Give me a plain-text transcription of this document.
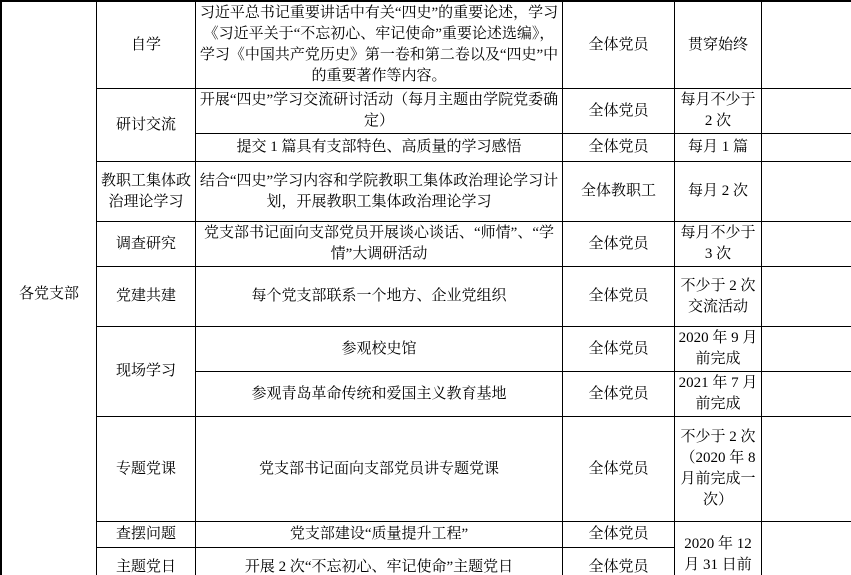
各党支部	自学	习近平总书记重要讲话中有关“四史”的重要论述，学习《习近平关于“不忘初心、牢记使命”重要论述选编》，学习《中国共产党历史》第一卷和第二卷以及“四史”中的重要著作等内容。	全体党员	贯穿始终	
	研讨交流	开展“四史”学习交流研讨活动（每月主题由学院党委确定）	全体党员	每月不少于 2 次	
		提交 1 篇具有支部特色、高质量的学习感悟	全体党员	每月 1 篇	
	教职工集体政治理论学习	结合“四史”学习内容和学院教职工集体政治理论学习计划，开展教职工集体政治理论学习	全体教职工	每月 2 次	
	调查研究	党支部书记面向支部党员开展谈心谈话、“师情”、“学情”大调研活动	全体党员	每月不少于 3 次	
	党建共建	每个党支部联系一个地方、企业党组织	全体党员	不少于 2 次交流活动	
	现场学习	参观校史馆	全体党员	2020 年 9 月前完成	
		参观青岛革命传统和爱国主义教育基地	全体党员	2021 年 7 月前完成	
	专题党课	党支部书记面向支部党员讲专题党课	全体党员	不少于 2 次（2020 年 8 月前完成一次）	
	查摆问题	党支部建设“质量提升工程”	全体党员	2020 年 12 月 31 日前	
	主题党日	开展 2 次“不忘初心、牢记使命”主题党日	全体党员		
